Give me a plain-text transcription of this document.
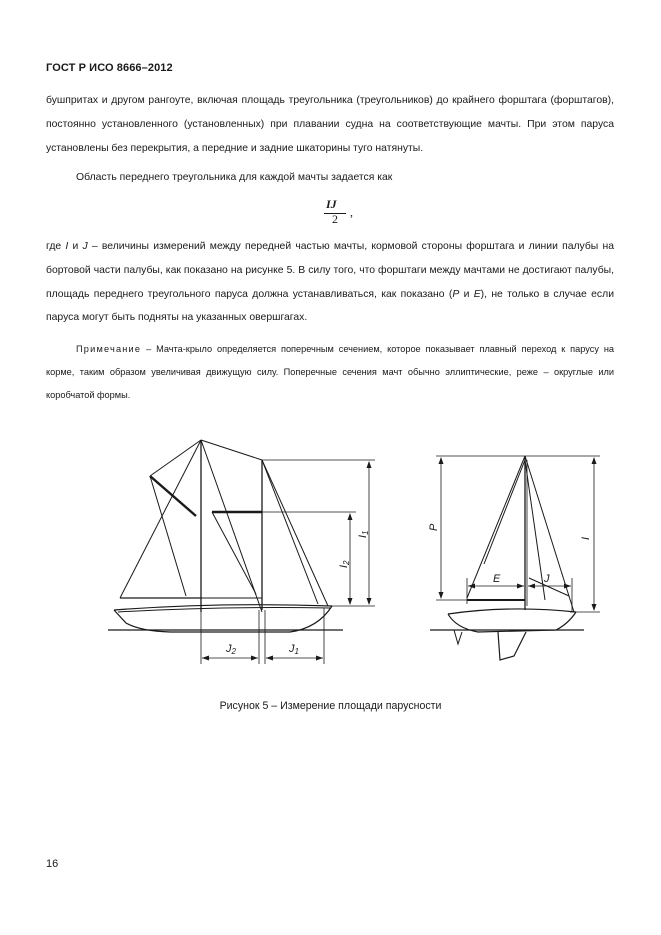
ГОСТ Р ИСО 8666–2012
бушпритах и другом рангоуте, включая площадь треугольника (треугольников) до крайнего форштага (форштагов), постоянно установленного (установленных) при плавании судна на соответствующие мачты. При этом паруса установлены без перекрытия, а передние и задние шкаторины туго натянуты.
Область переднего треугольника для каждой мачты задается как
IJ
2 ,
где I и J – величины измерений между передней частью мачты, кормовой стороны форштага и линии палубы на бортовой части палубы, как показано на рисунке 5. В силу того, что форштаги между мачтами не достигают палубы, площадь переднего треугольного паруса должна устанавливаться, как показано (P и E), не только в случае если паруса могут быть подняты на указанных овершгагах.
Примечание – Мачта-крыло определяется поперечным сечением, которое показывает плавный переход к парусу на корме, таким образом увеличивая движущую силу. Поперечные сечения мачт обычно эллиптические, реже – округлые или коробчатой формы.
I1
I2
J2	J1
P
I
E	J
Рисунок 5 – Измерение площади парусности
16
